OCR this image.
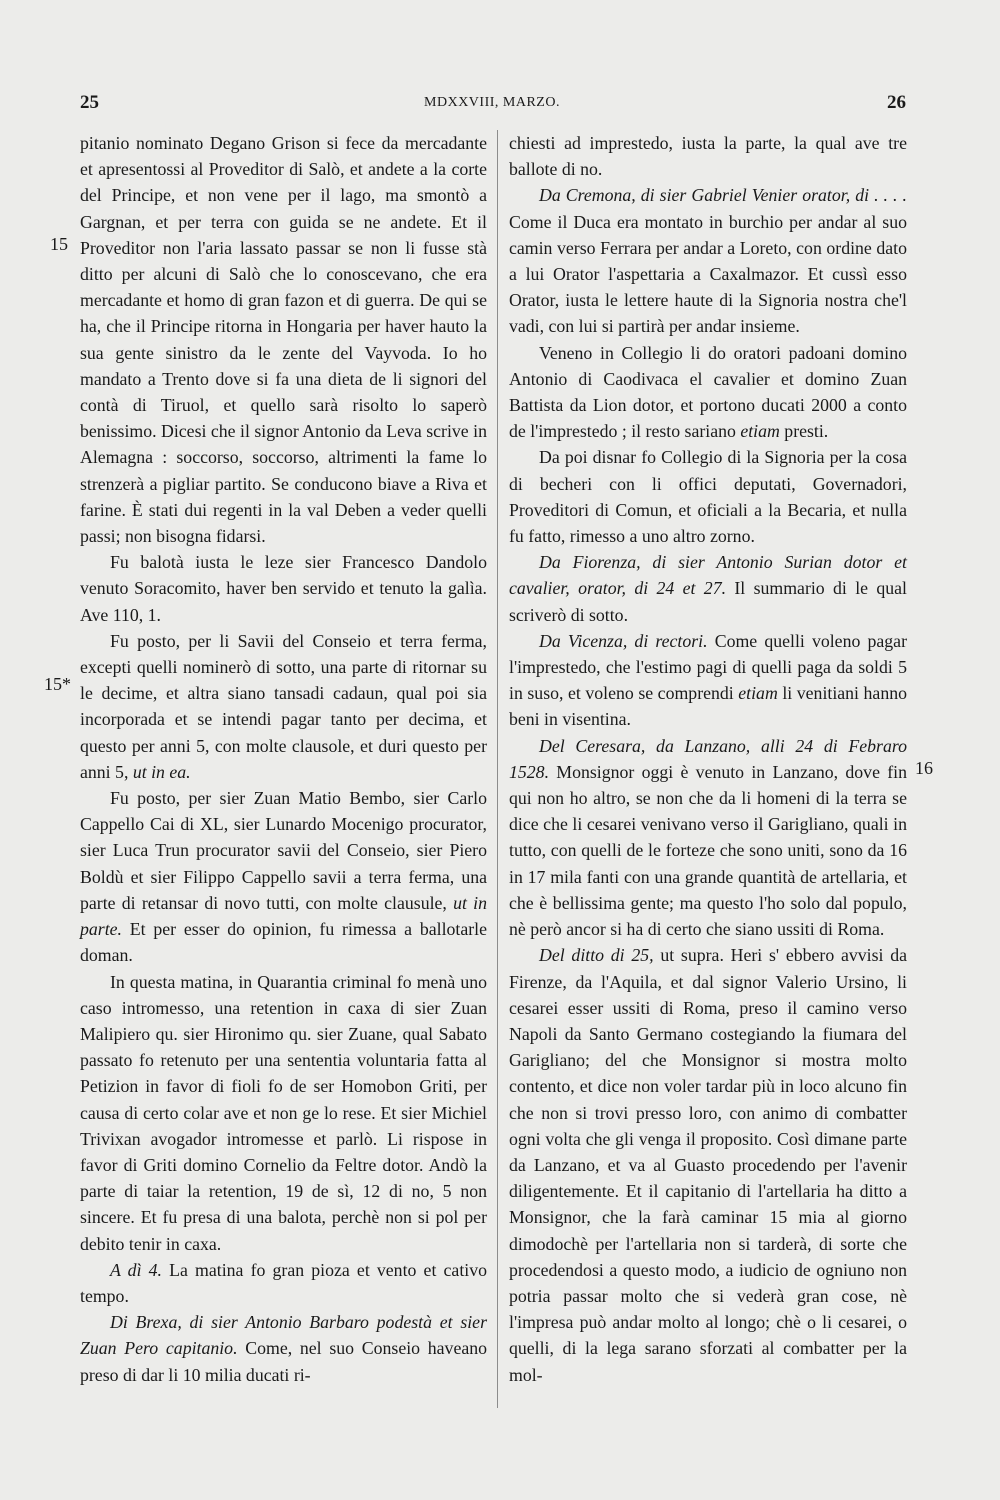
25	MDXXVIII, MARZO.	26
15
15*
16

pitanio nominato Degano Grison si fece da mercadante et apresentossi al Proveditor di Salò, et andete a la corte del Principe, et non vene per il lago, ma smontò a Gargnan, et per terra con guida se ne andete. Et il Proveditor non l'aria lassato passar se non li fusse stà ditto per alcuni di Salò che lo conoscevano, che era mercadante et homo di gran fazon et di guerra. De qui se ha, che il Principe ritorna in Hongaria per haver hauto la sua gente sinistro da le zente del Vayvoda. Io ho mandato a Trento dove si fa una dieta de li signori del contà di Tiruol, et quello sarà risolto lo saperò benissimo. Dicesi che il signor Antonio da Leva scrive in Alemagna : soccorso, soccorso, altrimenti la fame lo strenzerà a pigliar partito. Se conducono biave a Riva et farine. È stati dui regenti in la val Deben a veder quelli passi; non bisogna fidarsi.

Fu balotà iusta le leze sier Francesco Dandolo venuto Soracomito, haver ben servido et tenuto la galìa. Ave 110, 1.

Fu posto, per li Savii del Conseio et terra ferma, excepti quelli nominerò di sotto, una parte di ritornar su le decime, et altra siano tansadi cadaun, qual poi sia incorporada et se intendi pagar tanto per decima, et questo per anni 5, con molte clausole, et duri questo per anni 5, ut in ea.

Fu posto, per sier Zuan Matio Bembo, sier Carlo Cappello Cai di XL, sier Lunardo Mocenigo procurator, sier Luca Trun procurator savii del Conseio, sier Piero Boldù et sier Filippo Cappello savii a terra ferma, una parte di retansar di novo tutti, con molte clausule, ut in parte. Et per esser do opinion, fu rimessa a ballotarle doman.

In questa matina, in Quarantia criminal fo menà uno caso intromesso, una retention in caxa di sier Zuan Malipiero qu. sier Hironimo qu. sier Zuane, qual Sabato passato fo retenuto per una sententia voluntaria fatta al Petizion in favor di fioli fo de ser Homobon Griti, per causa di certo colar ave et non ge lo rese. Et sier Michiel Trivixan avogador intromesse et parlò. Li rispose in favor di Griti domino Cornelio da Feltre dotor. Andò la parte di taiar la retention, 19 de sì, 12 di no, 5 non sincere. Et fu presa di una balota, perchè non si pol per debito tenir in caxa.

A dì 4. La matina fo gran pioza et vento et cativo tempo.

Di Brexa, di sier Antonio Barbaro podestà et sier Zuan Pero capitanio. Come, nel suo Conseio haveano preso di dar li 10 milia ducati ri-

chiesti ad imprestedo, iusta la parte, la qual ave tre ballote di no.

Da Cremona, di sier Gabriel Venier orator, di . . . . Come il Duca era montato in burchio per andar al suo camin verso Ferrara per andar a Loreto, con ordine dato a lui Orator l'aspettaria a Caxalmazor. Et cussì esso Orator, iusta le lettere haute di la Signoria nostra che'l vadi, con lui si partirà per andar insieme.

Veneno in Collegio li do oratori padoani domino Antonio di Caodivaca el cavalier et domino Zuan Battista da Lion dotor, et portono ducati 2000 a conto de l'imprestedo ; il resto sariano etiam presti.

Da poi disnar fo Collegio di la Signoria per la cosa di becheri con li offici deputati, Governadori, Proveditori di Comun, et oficiali a la Becaria, et nulla fu fatto, rimesso a uno altro zorno.

Da Fiorenza, di sier Antonio Surian dotor et cavalier, orator, di 24 et 27. Il summario di le qual scriverò di sotto.

Da Vicenza, di rectori. Come quelli voleno pagar l'imprestedo, che l'estimo pagi di quelli paga da soldi 5 in suso, et voleno se comprendi etiam li venitiani hanno beni in visentina.

Del Ceresara, da Lanzano, alli 24 di Febraro 1528. Monsignor oggi è venuto in Lanzano, dove fin qui non ho altro, se non che da li homeni di la terra se dice che li cesarei venivano verso il Garigliano, quali in tutto, con quelli de le forteze che sono uniti, sono da 16 in 17 mila fanti con una grande quantità de artellaria, et che è bellissima gente; ma questo l'ho solo dal populo, nè però ancor si ha di certo che siano ussiti di Roma.

Del ditto di 25, ut supra. Heri s' ebbero avvisi da Firenze, da l'Aquila, et dal signor Valerio Ursino, li cesarei esser ussiti di Roma, preso il camino verso Napoli da Santo Germano costegiando la fiumara del Garigliano; del che Monsignor si mostra molto contento, et dice non voler tardar più in loco alcuno fin che non si trovi presso loro, con animo di combatter ogni volta che gli venga il proposito. Così dimane parte da Lanzano, et va al Guasto procedendo per l'avenir diligentemente. Et il capitanio di l'artellaria ha ditto a Monsignor, che la farà caminar 15 mia al giorno dimodochè per l'artellaria non si tarderà, di sorte che procedendosi a questo modo, a iudicio de ogniuno non potria passar molto che si vederà gran cose, nè l'impresa può andar molto al longo; chè o li cesarei, o quelli, di la lega sarano sforzati al combatter per la mol-
